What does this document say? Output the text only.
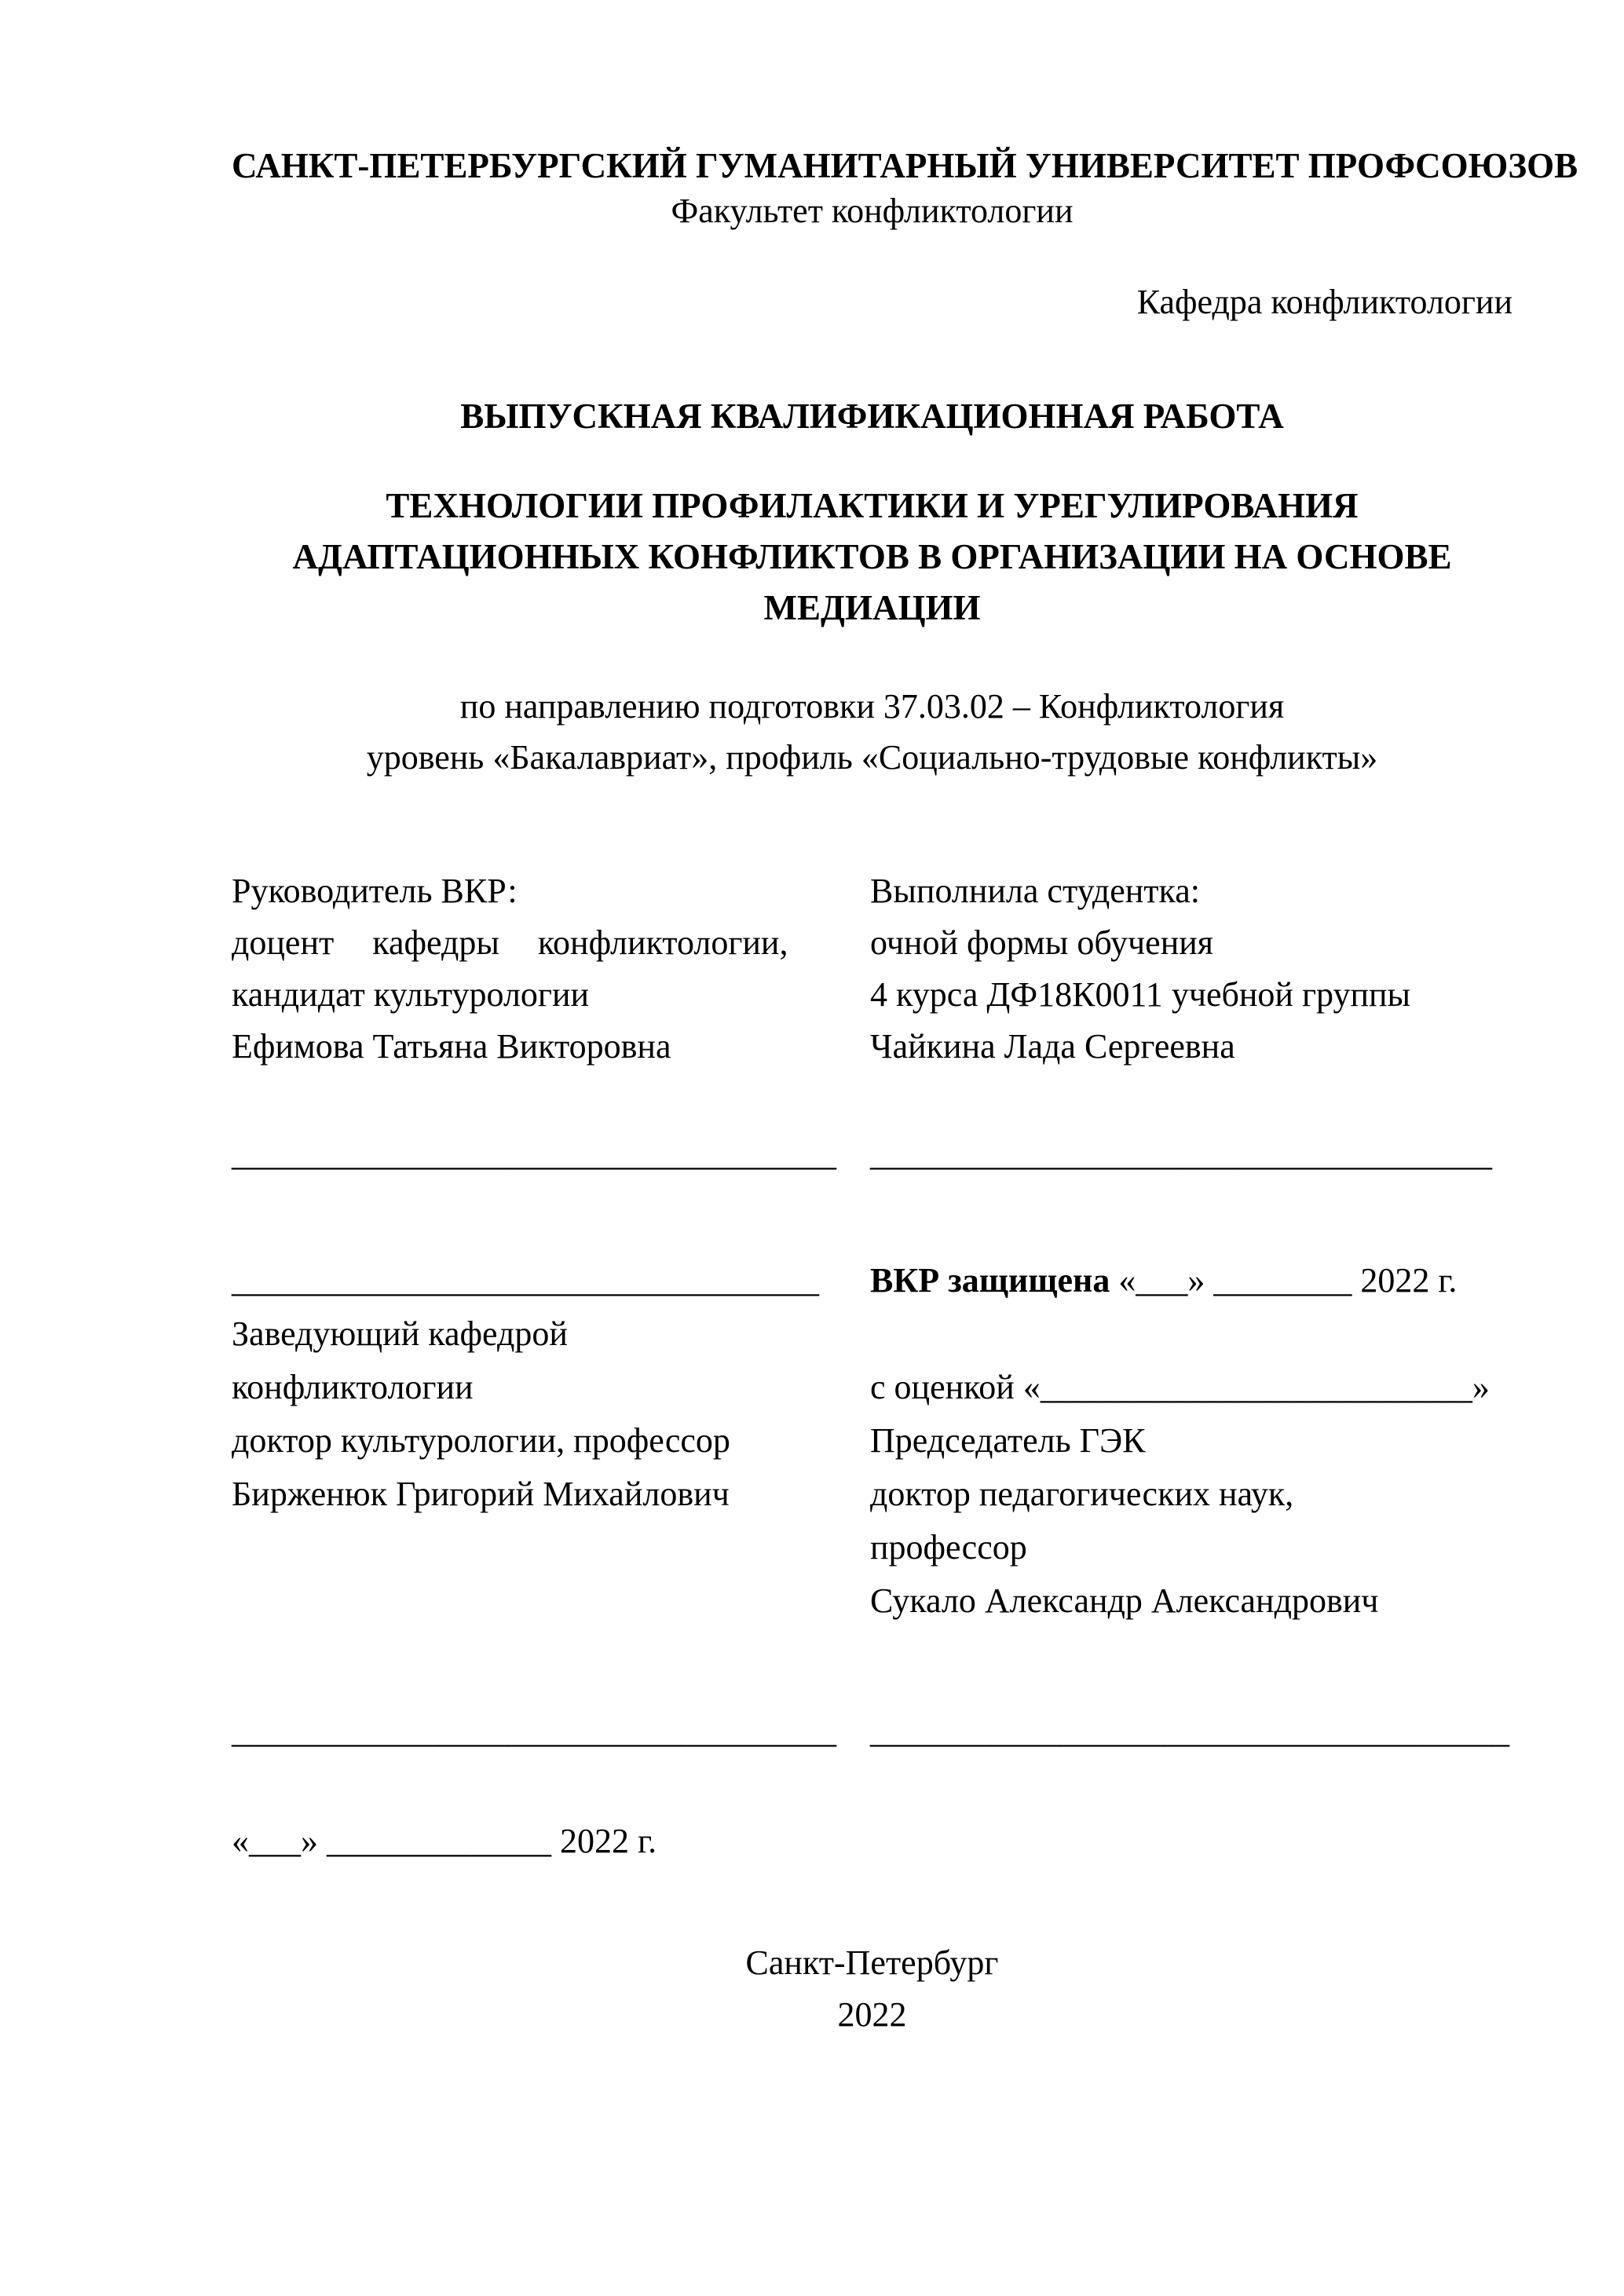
САНКТ-ПЕТЕРБУРГСКИЙ ГУМАНИТАРНЫЙ УНИВЕРСИТЕТ ПРОФСОЮЗОВ
Факультет конфликтологии
Кафедра конфликтологии
ВЫПУСКНАЯ КВАЛИФИКАЦИОННАЯ РАБОТА
ТЕХНОЛОГИИ ПРОФИЛАКТИКИ И УРЕГУЛИРОВАНИЯ
АДАПТАЦИОННЫХ КОНФЛИКТОВ В ОРГАНИЗАЦИИ НА ОСНОВЕ
МЕДИАЦИИ
по направлению подготовки 37.03.02 – Конфликтология
уровень «Бакалавриат», профиль «Социально-трудовые конфликты»
Руководитель ВКР:
доцент кафедры конфликтологии,
кандидат культурологии
Ефимова Татьяна Викторовна
Выполнила студентка:
очной формы обучения
4 курса ДФ18К0011 учебной группы
Чайкина Лада Сергеевна
___________________________________ ____________________________________
__________________________________
Заведующий кафедрой
конфликтологии
доктор культурологии, профессор
Бирженюк Григорий Михайлович
ВКР защищена «___» ________ 2022 г.
с оценкой «_________________________»
Председатель ГЭК
доктор педагогических наук,
профессор
Сукало Александр Александрович
___________________________________ _____________________________________
«___» _____________ 2022 г.
Санкт-Петербург
2022
